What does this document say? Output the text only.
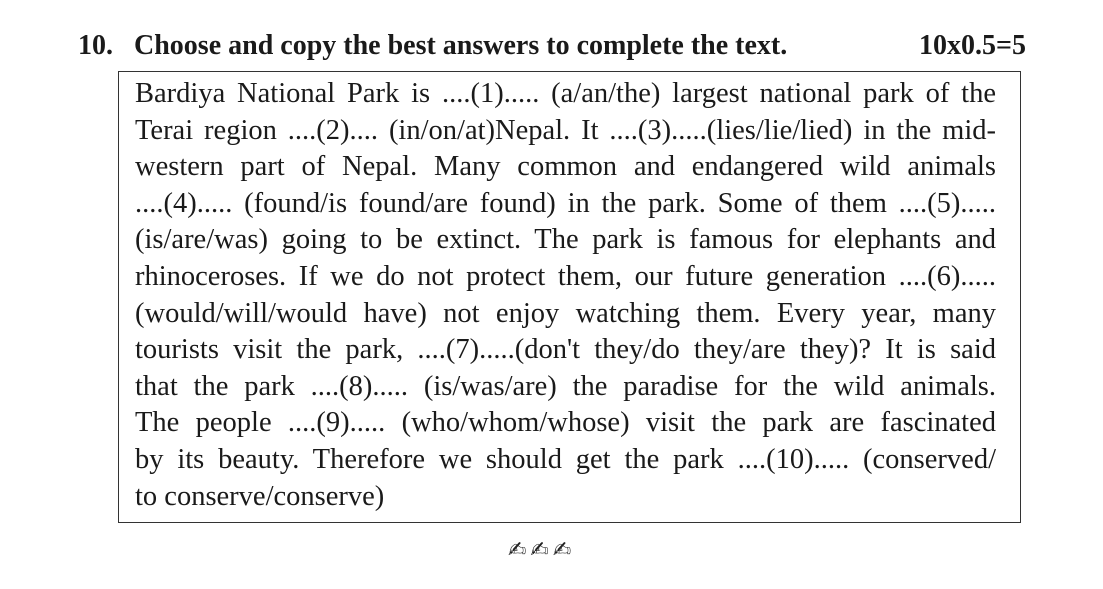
10. Choose and copy the best answers to complete the text.	10x0.5=5
Bardiya National Park is ....(1)..... (a/an/the) largest national park of the
Terai region ....(2).... (in/on/at)Nepal. It ....(3).....(lies/lie/lied) in the mid-
western part of Nepal. Many common and endangered wild animals
....(4)..... (found/is found/are found) in the park. Some of them ....(5).....
(is/are/was) going to be extinct. The park is famous for elephants and
rhinoceroses. If we do not protect them, our future generation ....(6).....
(would/will/would have) not enjoy watching them. Every year, many
tourists visit the park, ....(7).....(don't they/do they/are they)? It is said
that the park ....(8)..... (is/was/are) the paradise for the wild animals.
The people ....(9)..... (who/whom/whose) visit the park are fascinated
by its beauty. Therefore we should get the park ....(10)..... (conserved/
to conserve/conserve)
✍✍✍
